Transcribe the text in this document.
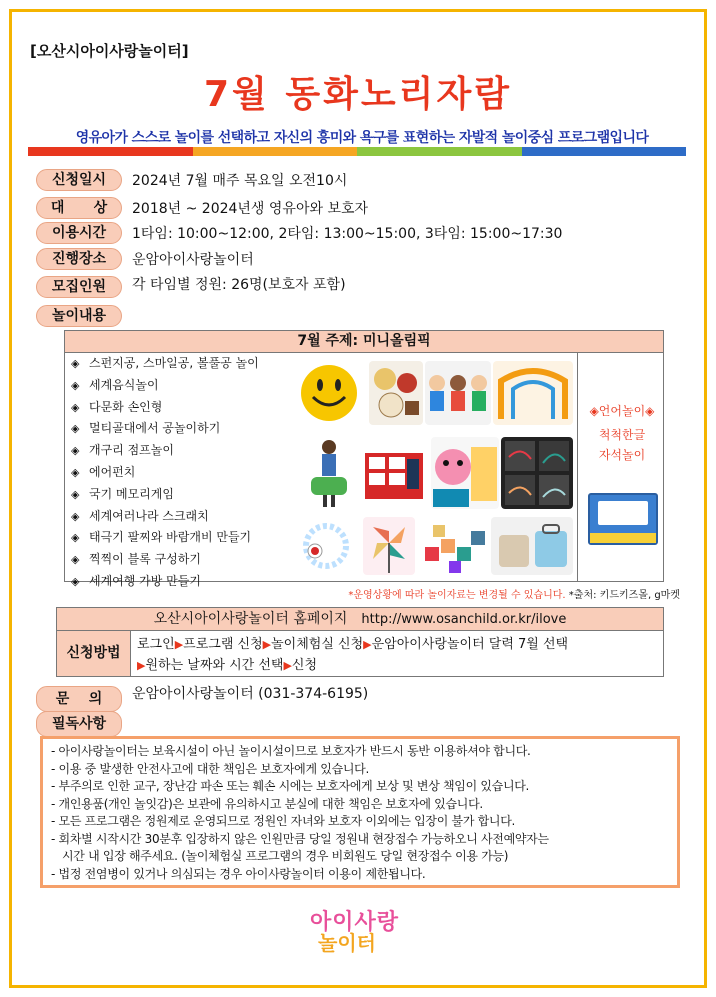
[오산시아이사랑놀이터]
7월 동화노리자람
영유아가 스스로 놀이를 선택하고 자신의 흥미와 욕구를 표현하는 자발적 놀이중심 프로그램입니다
신청일시	2024년 7월 매주 목요일 오전10시
대      상	2018년 ~ 2024년생 영유아와 보호자
이용시간	1타임: 10:00~12:00, 2타임: 13:00~15:00, 3타임: 15:00~17:30
진행장소	운암아이사랑놀이터
모집인원	각 타임별 정원: 26명(보호자 포함)
놀이내용
7월 주제: 미니올림픽
◈ 스펀지공, 스마일공, 볼풀공 놀이
◈ 세계음식놀이
◈ 다문화 손인형
◈ 멀티골대에서 공놀이하기
◈ 개구리 점프놀이
◈ 에어펀치
◈ 국기 메모리게임
◈ 세계여러나라 스크래치
◈ 태극기 팔찌와 바람개비 만들기
◈ 찍찍이 블록 구성하기
◈ 세계여행 가방 만들기
◈언어놀이◈
척척한글
자석놀이
*운영상황에 따라 놀이자료는 변경될 수 있습니다. *출처: 키드키즈몰, g마켓
오산시아이사랑놀이터 홈페이지 http://www.osanchild.or.kr/ilove
신청방법
로그인▶프로그램 신청▶놀이체험실 신청▶운암아이사랑놀이터 달력 7월 선택
▶원하는 날짜와 시간 선택▶신청
문    의	운암아이사랑놀이터 (031-374-6195)
필독사항
- 아이사랑놀이터는 보육시설이 아닌 놀이시설이므로 보호자가 반드시 동반 이용하셔야 합니다.
- 이용 중 발생한 안전사고에 대한 책임은 보호자에게 있습니다.
- 부주의로 인한 교구, 장난감 파손 또는 훼손 시에는 보호자에게 보상 및 변상 책임이 있습니다.
- 개인용품(개인 놀잇감)은 보관에 유의하시고 분실에 대한 책임은 보호자에 있습니다.
- 모든 프로그램은 정원제로 운영되므로 정원인 자녀와 보호자 이외에는 입장이 불가 합니다.
- 회차별 시작시간 30분후 입장하지 않은 인원만큼 당일 정원내 현장접수 가능하오니 사전예약자는
시간 내 입장 해주세요. (놀이체험실 프로그램의 경우 비회원도 당일 현장접수 이용 가능)
- 법정 전염병이 있거나 의심되는 경우 아이사랑놀이터 이용이 제한됩니다.
아이사랑
놀이터
